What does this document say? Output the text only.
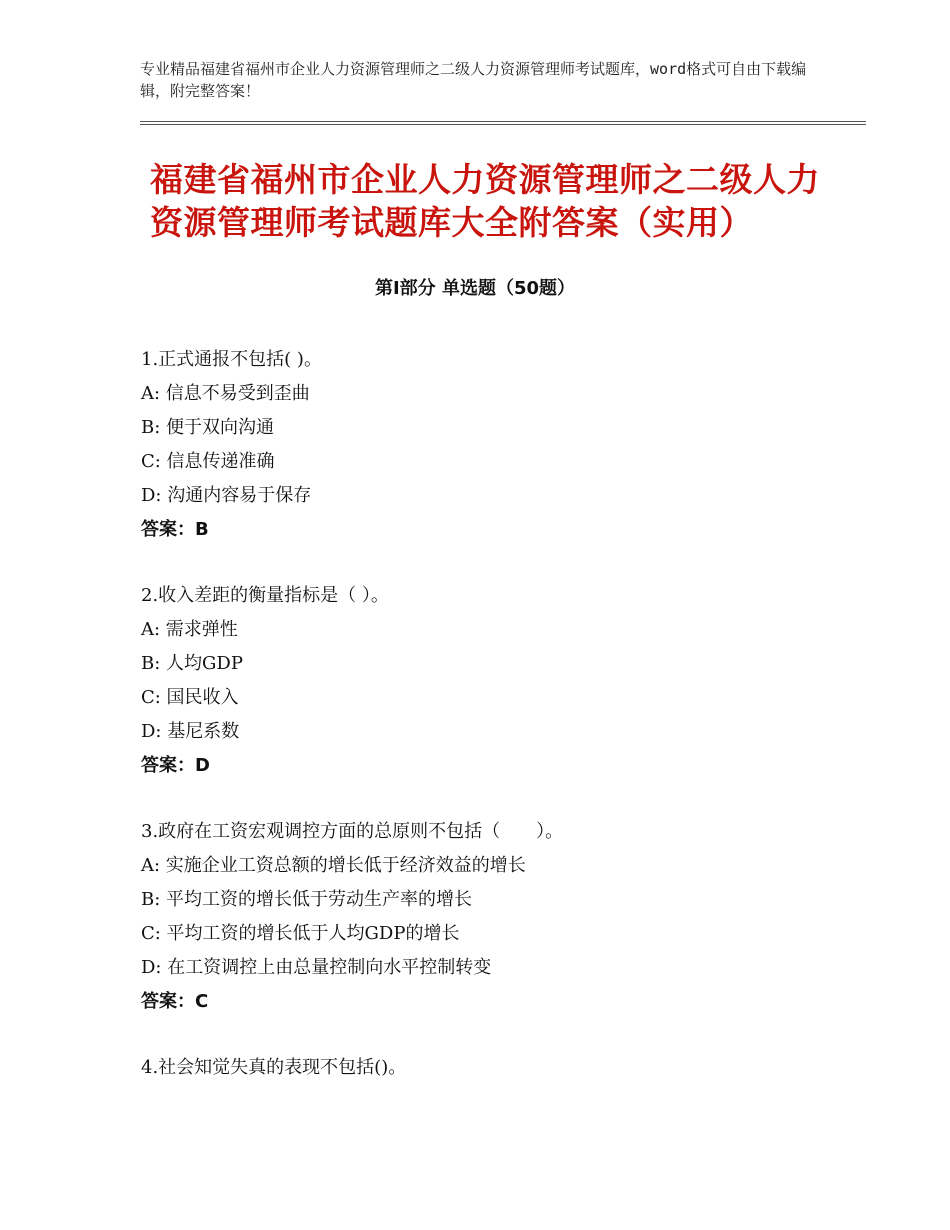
专业精品福建省福州市企业人力资源管理师之二级人力资源管理师考试题库，word格式可自由下载编辑，附完整答案！
福建省福州市企业人力资源管理师之二级人力资源管理师考试题库大全附答案（实用）
第Ⅰ部分 单选题（50题）
1.正式通报不包括( )。
A: 信息不易受到歪曲
B: 便于双向沟通
C: 信息传递准确
D: 沟通内容易于保存
答案：B
2.收入差距的衡量指标是（ ）。
A: 需求弹性
B: 人均GDP
C: 国民收入
D: 基尼系数
答案：D
3.政府在工资宏观调控方面的总原则不包括（　　）。
A: 实施企业工资总额的增长低于经济效益的增长
B: 平均工资的增长低于劳动生产率的增长
C: 平均工资的增长低于人均GDP的增长
D: 在工资调控上由总量控制向水平控制转变
答案：C
4.社会知觉失真的表现不包括()。
